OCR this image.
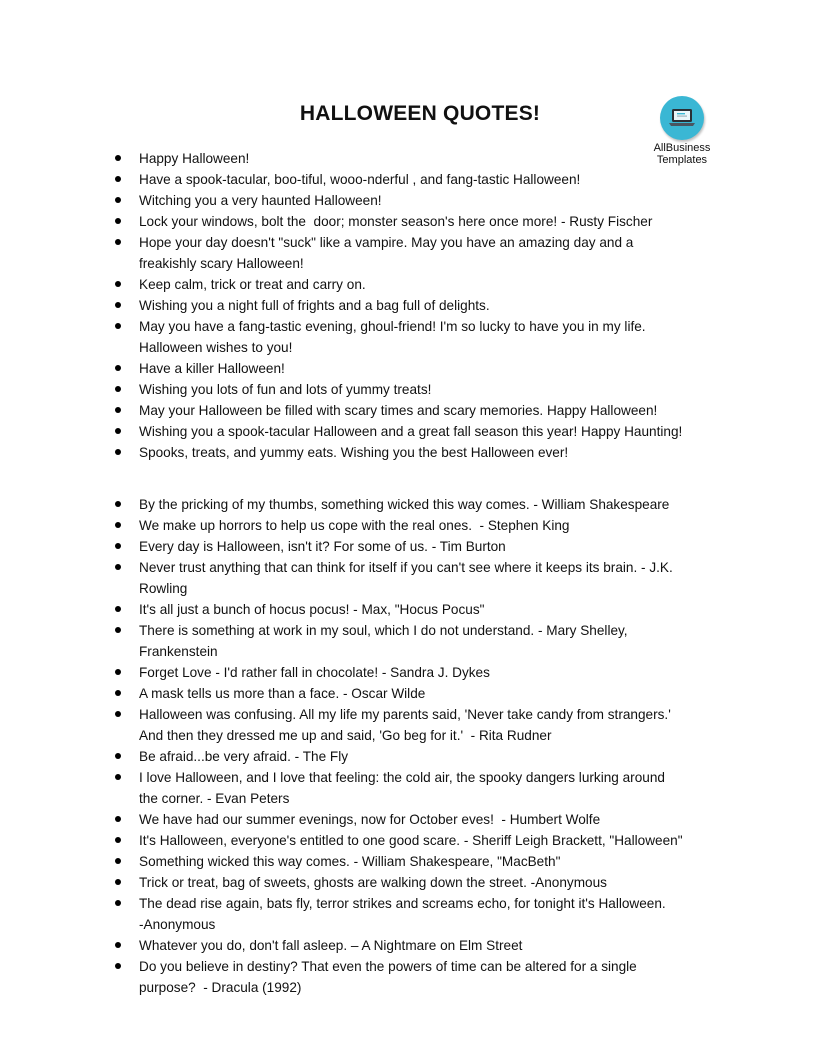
HALLOWEEN QUOTES!
AllBusiness
Templates
Happy Halloween!
Have a spook-tacular, boo-tiful, wooo-nderful , and fang-tastic Halloween!
Witching you a very haunted Halloween!
Lock your windows, bolt the  door; monster season's here once more! - Rusty Fischer
Hope your day doesn't "suck" like a vampire. May you have an amazing day and a
freakishly scary Halloween!
Keep calm, trick or treat and carry on.
Wishing you a night full of frights and a bag full of delights.
May you have a fang-tastic evening, ghoul-friend! I'm so lucky to have you in my life.
Halloween wishes to you!
Have a killer Halloween!
Wishing you lots of fun and lots of yummy treats!
May your Halloween be filled with scary times and scary memories. Happy Halloween!
Wishing you a spook-tacular Halloween and a great fall season this year! Happy Haunting!
Spooks, treats, and yummy eats. Wishing you the best Halloween ever!
By the pricking of my thumbs, something wicked this way comes. - William Shakespeare
We make up horrors to help us cope with the real ones.  - Stephen King
Every day is Halloween, isn't it? For some of us. - Tim Burton
Never trust anything that can think for itself if you can't see where it keeps its brain. - J.K.
Rowling
It's all just a bunch of hocus pocus! - Max, "Hocus Pocus"
There is something at work in my soul, which I do not understand. - Mary Shelley,
Frankenstein
Forget Love - I'd rather fall in chocolate! - Sandra J. Dykes
A mask tells us more than a face. - Oscar Wilde
Halloween was confusing. All my life my parents said, 'Never take candy from strangers.'
And then they dressed me up and said, 'Go beg for it.'  - Rita Rudner
Be afraid...be very afraid. - The Fly
I love Halloween, and I love that feeling: the cold air, the spooky dangers lurking around
the corner. - Evan Peters
We have had our summer evenings, now for October eves!  - Humbert Wolfe
It's Halloween, everyone's entitled to one good scare. - Sheriff Leigh Brackett, "Halloween"
Something wicked this way comes. - William Shakespeare, "MacBeth"
Trick or treat, bag of sweets, ghosts are walking down the street. -Anonymous
The dead rise again, bats fly, terror strikes and screams echo, for tonight it's Halloween.
-Anonymous
Whatever you do, don't fall asleep. – A Nightmare on Elm Street
Do you believe in destiny? That even the powers of time can be altered for a single
purpose?  - Dracula (1992)
